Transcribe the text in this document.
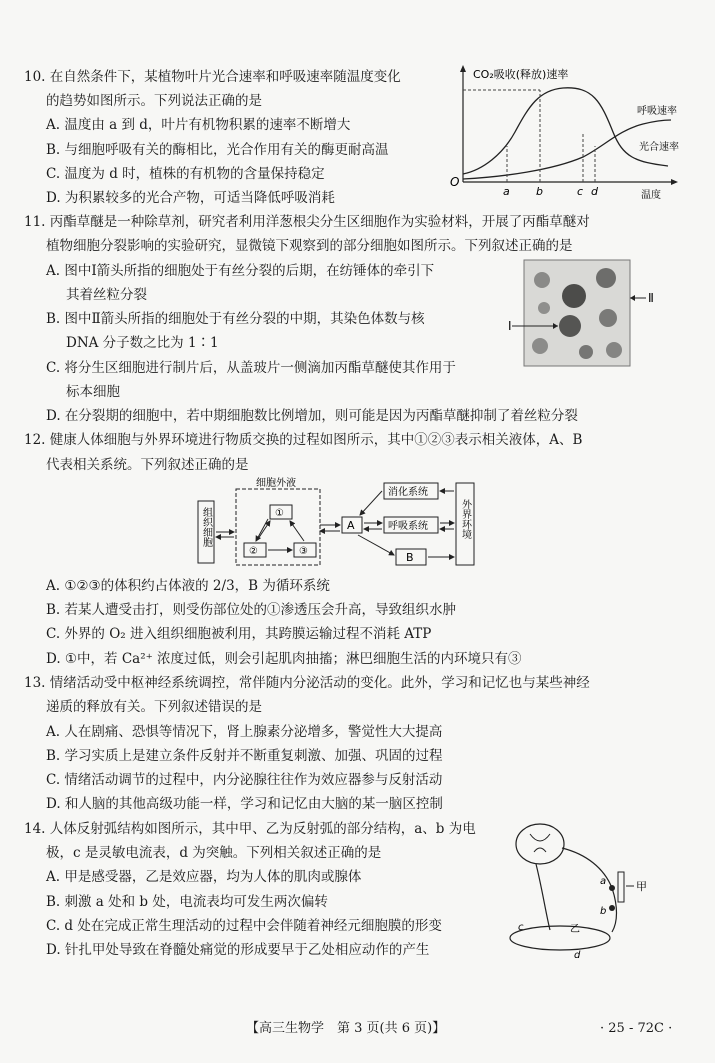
10. 在自然条件下，某植物叶片光合速率和呼吸速率随温度变化
的趋势如图所示。下列说法正确的是
A. 温度由 a 到 d，叶片有机物积累的速率不断增大
B. 与细胞呼吸有关的酶相比，光合作用有关的酶更耐高温
C. 温度为 d 时，植株的有机物的含量保持稳定
D. 为积累较多的光合产物，可适当降低呼吸消耗
CO₂吸收(释放)速率
O
温度
呼吸速率
光合速率
a b	c d
11. 丙酯草醚是一种除草剂，研究者利用洋葱根尖分生区细胞作为实验材料，开展了丙酯草醚对
植物细胞分裂影响的实验研究，显微镜下观察到的部分细胞如图所示。下列叙述正确的是
A. 图中Ⅰ箭头所指的细胞处于有丝分裂的后期，在纺锤体的牵引下
其着丝粒分裂
B. 图中Ⅱ箭头所指的细胞处于有丝分裂的中期，其染色体数与核
DNA 分子数之比为 1∶1
C. 将分生区细胞进行制片后，从盖玻片一侧滴加丙酯草醚使其作用于
标本细胞
D. 在分裂期的细胞中，若中期细胞数比例增加，则可能是因为丙酯草醚抑制了着丝粒分裂
Ⅱ
Ⅰ
12. 健康人体细胞与外界环境进行物质交换的过程如图所示，其中①②③表示相关液体，A、B
代表相关系统。下列叙述正确的是
组织细胞
细胞外液
①
②	③
A
消化系统
呼吸系统
B
外界环境
A. ①②③的体积约占体液的 2/3，B 为循环系统
B. 若某人遭受击打，则受伤部位处的①渗透压会升高，导致组织水肿
C. 外界的 O₂ 进入组织细胞被利用，其跨膜运输过程不消耗 ATP
D. ①中，若 Ca²⁺ 浓度过低，则会引起肌肉抽搐；淋巴细胞生活的内环境只有③
13. 情绪活动受中枢神经系统调控，常伴随内分泌活动的变化。此外，学习和记忆也与某些神经
递质的释放有关。下列叙述错误的是
A. 人在剧痛、恐惧等情况下，肾上腺素分泌增多，警觉性大大提高
B. 学习实质上是建立条件反射并不断重复刺激、加强、巩固的过程
C. 情绪活动调节的过程中，内分泌腺往往作为效应器参与反射活动
D. 和人脑的其他高级功能一样，学习和记忆由大脑的某一脑区控制
14. 人体反射弧结构如图所示，其中甲、乙为反射弧的部分结构，a、b 为电
极，c 是灵敏电流表，d 为突触。下列相关叙述正确的是
A. 甲是感受器，乙是效应器，均为人体的肌肉或腺体
B. 刺激 a 处和 b 处，电流表均可发生两次偏转
C. d 处在完成正常生理活动的过程中会伴随着神经元细胞膜的形变
D. 针扎甲处导致在脊髓处痛觉的形成要早于乙处相应动作的产生
甲
a
b
乙
c
d
【高三生物学　第 3 页(共 6 页)】	· 25 - 72C ·
